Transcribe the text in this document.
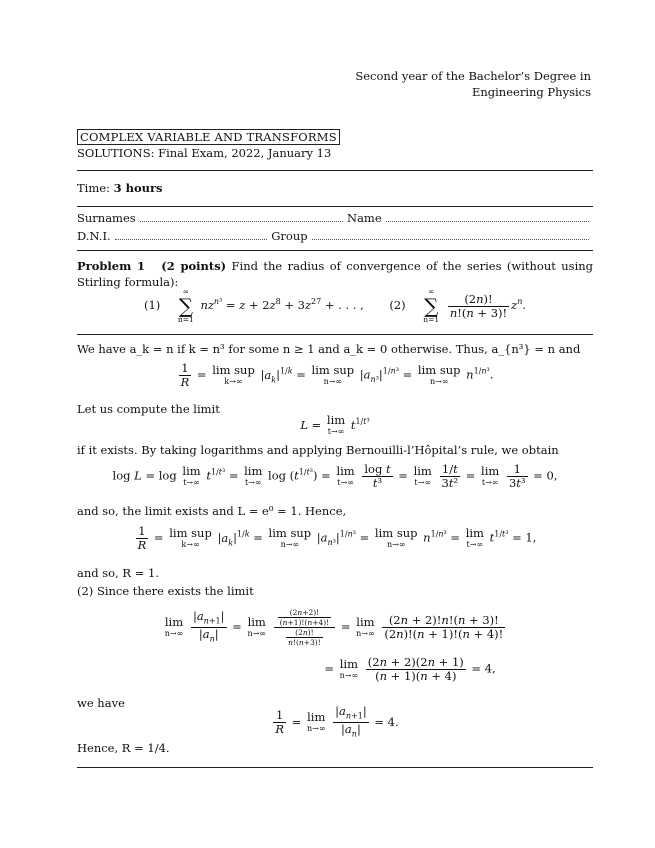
Second year of the Bachelor’s Degree in
Engineering Physics
COMPLEX VARIABLE AND TRANSFORMS
SOLUTIONS: Final Exam, 2022, January 13
Time: 3 hours
Surnames	Name
D.N.I.	Group
Problem 1 (2 points) Find the radius of convergence of the series (without using Stirling formula):
(1)
∞
∑
n=1
$nz^{n^3} = z + 2z^8 + 3z^{27}$ + . . . ,       (2)
∞
∑
n=1
$\frac{(2n)!}{n!(n + 3)!} z^n$.
We have a_k = n if k = n³ for some n ≥ 1 and a_k = 0 otherwise. Thus, a_{n³} = n and
$\frac{1}{R} = \lim$ sup
k→∞	$|a_k|^{1/k} = \lim$ sup
n→∞	$|a_{n^3}|^{1/n^3} = \lim$ sup
n→∞	$n^{1/n^3}$.
Let us compute the limit
L = lim
t→∞ $t^{1/t^3}$
if it exists. By taking logarithms and applying Bernouilli-l’Hôpital’s rule, we obtain
log L = log lim
t→∞ $t^{1/t^3} = \lim$
t→∞ $\log (t^{1/t^3}) = \lim$
t→∞
$\frac{\text{log t}}{\text{t³}} = \lim$
t→∞
$\frac{1/t}{\text{3t²}} = \lim$
t→∞
$\frac{1}{\text{3t³}} = 0$,
and so, the limit exists and L = e⁰ = 1. Hence,
$\frac{1}{R} = \lim$ sup
k→∞	$|a_k|^{1/k} = \lim$ sup
n→∞	$|a_{n^3}|^{1/n^3} = \lim$ sup
n→∞	$n^{1/n^3} = \lim$
t→∞ $t^{1/t^3} = 1$,
and so, R = 1.
(2) Since there exists the limit
lim
n→∞
$\frac{|a_{n+1}|}{|a_n|} = \lim$
n→∞
$\frac{\frac{(2n+2)!}{(n+1)!(n+4)!}}{\frac{(2n)!}{n!(n+3)!}} = \lim$
n→∞
$\frac{(2n + 2)!n!(n + 3)!}{(2n)!(n + 1)!(n + 4)!}$
= lim
n→∞
$\frac{(2n + 2)(2n + 1)}{(n + 1)(n + 4)} = 4$,
we have
$\frac{1}{R} = \lim$
n→∞
$\frac{|a_{n+1}|}{|a_n|} = 4$.
Hence, R = 1/4.
